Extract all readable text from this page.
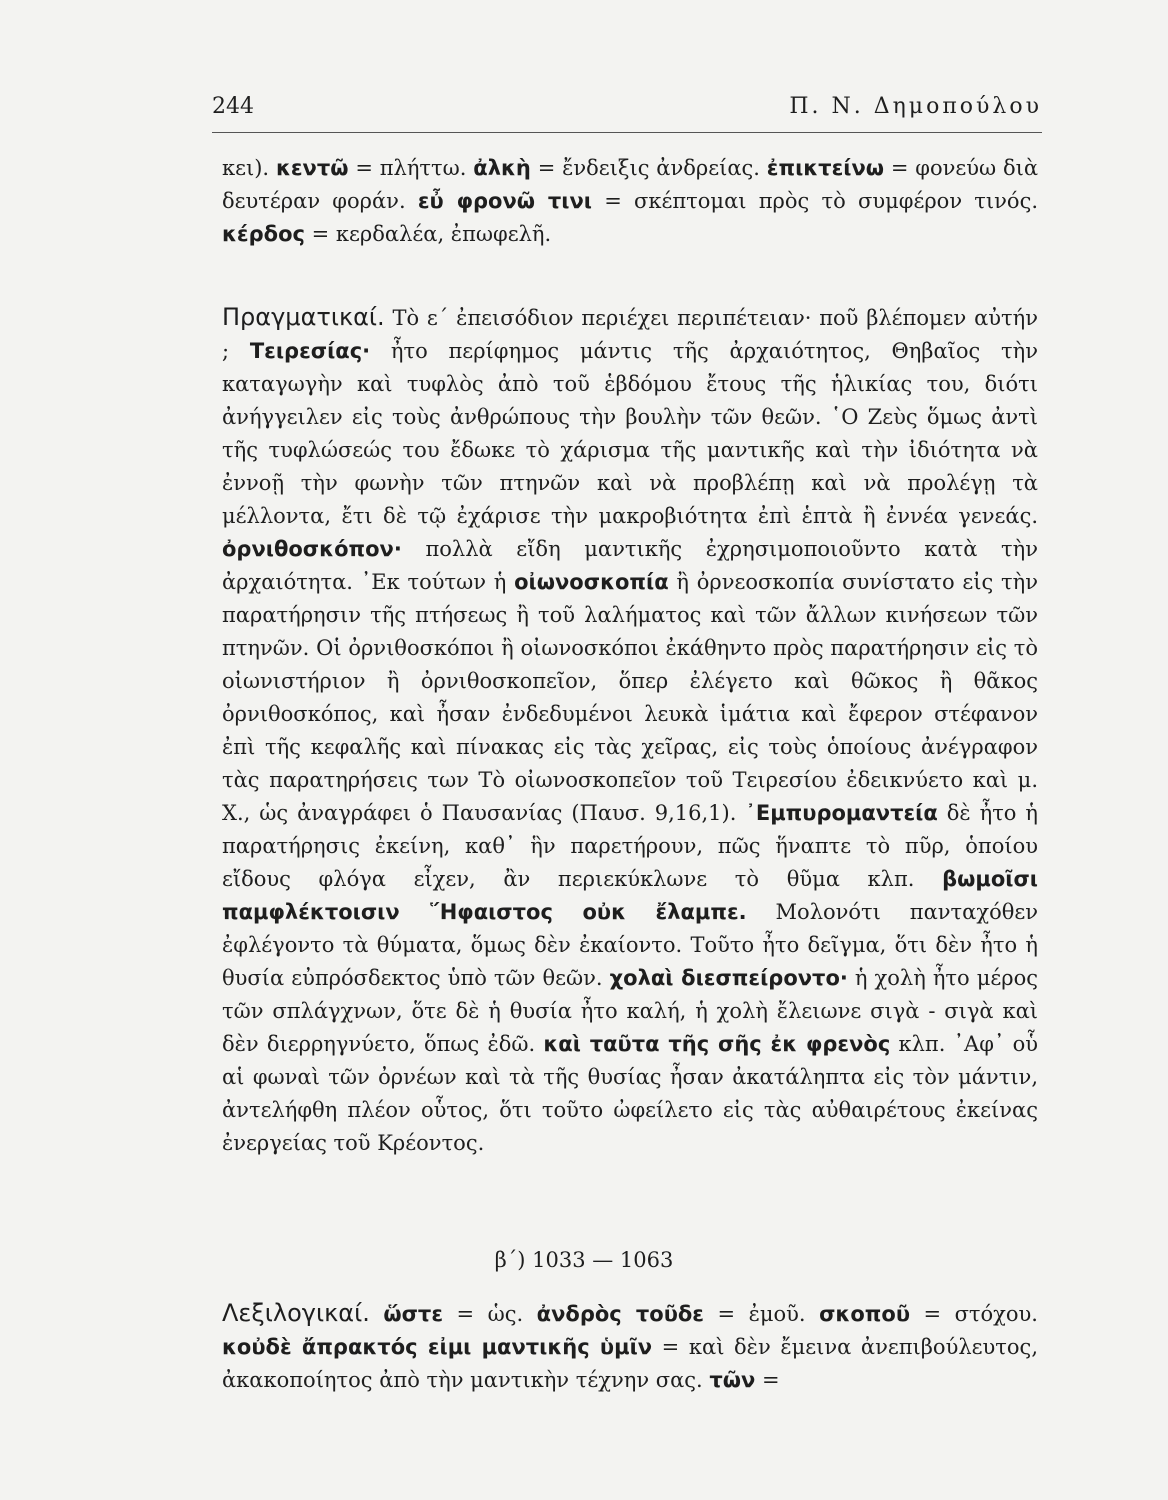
244	Π. Ν. Δημοπούλου

κει). κεντῶ = πλήττω. ἀλκὴ = ἔνδειξις ἀνδρείας. ἐπικτείνω = φονεύω διὰ δευτέραν φοράν. εὖ φρονῶ τινι = σκέπτομαι πρὸς τὸ συμφέρον τινός. κέρδος = κερδαλέα, ἐπωφελῆ.

Πραγματικαί. Τὸ ε΄ ἐπεισόδιον περιέχει περιπέτειαν· ποῦ βλέπομεν αὐτήν ; Τειρεσίας· ἦτο περίφημος μάντις τῆς ἀρχαιότητος, Θηβαῖος τὴν καταγωγὴν καὶ τυφλὸς ἀπὸ τοῦ ἑβδόμου ἔτους τῆς ἡλικίας του, διότι ἀνήγγειλεν εἰς τοὺς ἀνθρώπους τὴν βουλὴν τῶν θεῶν. ῾Ο Ζεὺς ὅμως ἀντὶ τῆς τυφλώσεώς του ἔδωκε τὸ χάρισμα τῆς μαντικῆς καὶ τὴν ἰδιότητα νὰ ἐννοῇ τὴν φωνὴν τῶν πτηνῶν καὶ νὰ προβλέπῃ καὶ νὰ προλέγῃ τὰ μέλλοντα, ἔτι δὲ τῷ ἐχάρισε τὴν μακροβιότητα ἐπὶ ἑπτὰ ἢ ἐννέα γενεάς. ὀρνιθοσκόπον· πολλὰ εἴδη μαντικῆς ἐχρησιμοποιοῦντο κατὰ τὴν ἀρχαιότητα. ᾿Εκ τούτων ἡ οἰωνοσκοπία ἢ ὀρνεοσκοπία συνίστατο εἰς τὴν παρατήρησιν τῆς πτήσεως ἢ τοῦ λαλήματος καὶ τῶν ἄλλων κινήσεων τῶν πτηνῶν. Οἱ ὀρνιθοσκόποι ἢ οἰωνοσκόποι ἐκάθηντο πρὸς παρατήρησιν εἰς τὸ οἰωνιστήριον ἢ ὀρνιθοσκοπεῖον, ὅπερ ἐλέγετο καὶ θῶκος ἢ θᾶκος ὀρνιθοσκόπος, καὶ ἦσαν ἐνδεδυμένοι λευκὰ ἱμάτια καὶ ἔφερον στέφανον ἐπὶ τῆς κεφαλῆς καὶ πίνακας εἰς τὰς χεῖρας, εἰς τοὺς ὁποίους ἀνέγραφον τὰς παρατηρήσεις των Τὸ οἰωνοσκοπεῖον τοῦ Τειρεσίου ἐδεικνύετο καὶ μ. Χ., ὡς ἀναγράφει ὁ Παυσανίας (Παυσ. 9,16,1). ᾿Εμπυρομαντεία δὲ ἦτο ἡ παρατήρησις ἐκείνη, καθ᾿ ἣν παρετήρουν, πῶς ἥναπτε τὸ πῦρ, ὁποίου εἴδους φλόγα εἶχεν, ἂν περιεκύκλωνε τὸ θῦμα κλπ. βωμοῖσι παμφλέκτοισιν ῞Ηφαιστος οὐκ ἔλαμπε. Μολονότι πανταχόθεν ἐφλέγοντο τὰ θύματα, ὅμως δὲν ἐκαίοντο. Τοῦτο ἦτο δεῖγμα, ὅτι δὲν ἦτο ἡ θυσία εὐπρόσδεκτος ὑπὸ τῶν θεῶν. χολαὶ διεσπείροντο· ἡ χολὴ ἦτο μέρος τῶν σπλάγχνων, ὅτε δὲ ἡ θυσία ἦτο καλή, ἡ χολὴ ἔλειωνε σιγὰ - σιγὰ καὶ δὲν διερρηγνύετο, ὅπως ἐδῶ. καὶ ταῦτα τῆς σῆς ἐκ φρενὸς κλπ. ᾿Αφ᾿ οὗ αἱ φωναὶ τῶν ὀρνέων καὶ τὰ τῆς θυσίας ἦσαν ἀκατάληπτα εἰς τὸν μάντιν, ἀντελήφθη πλέον οὗτος, ὅτι τοῦτο ὠφείλετο εἰς τὰς αὐθαιρέτους ἐκείνας ἐνεργείας τοῦ Κρέοντος.

β΄) 1033 — 1063

Λεξιλογικαί. ὥστε = ὡς. ἀνδρὸς τοῦδε = ἐμοῦ. σκοποῦ = στόχου. κοὐδὲ ἄπρακτός εἰμι μαντικῆς ὑμῖν = καὶ δὲν ἔμεινα ἀνεπιβούλευτος, ἀκακοποίητος ἀπὸ τὴν μαντικὴν τέχνην σας. τῶν =
